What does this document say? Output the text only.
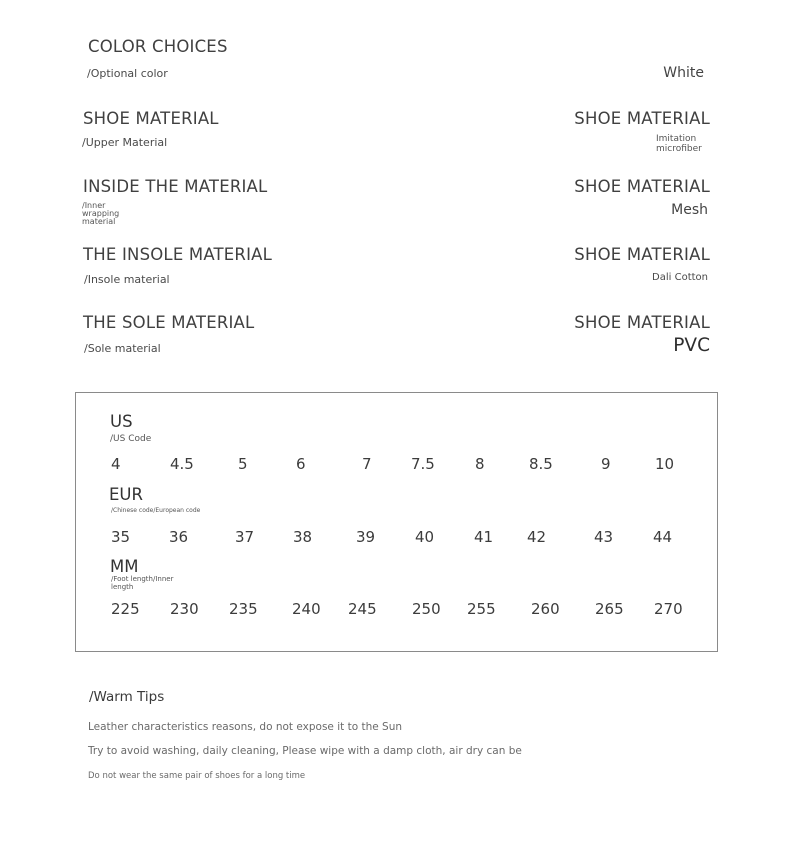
COLOR CHOICES
/Optional color	White
SHOE MATERIAL
/Upper Material
SHOE MATERIAL
Imitation microfiber
INSIDE THE MATERIAL
/Inner wrapping material
SHOE MATERIAL
Mesh
THE INSOLE MATERIAL
/Insole material
SHOE MATERIAL
Dali Cotton
THE SOLE MATERIAL
/Sole material
SHOE MATERIAL
PVC
US
/US Code
4	4.5	5	6	7	7.5	8	8.5	9	10
EUR
/Chinese code/European code
35	36	37	38	39	40	41 42	43	44
MM
/Foot length/Inner length
225 230 235 240 245 250 255 260 265 270
/Warm Tips
Leather characteristics reasons, do not expose it to the Sun
Try to avoid washing, daily cleaning, Please wipe with a damp cloth, air dry can be
Do not wear the same pair of shoes for a long time
